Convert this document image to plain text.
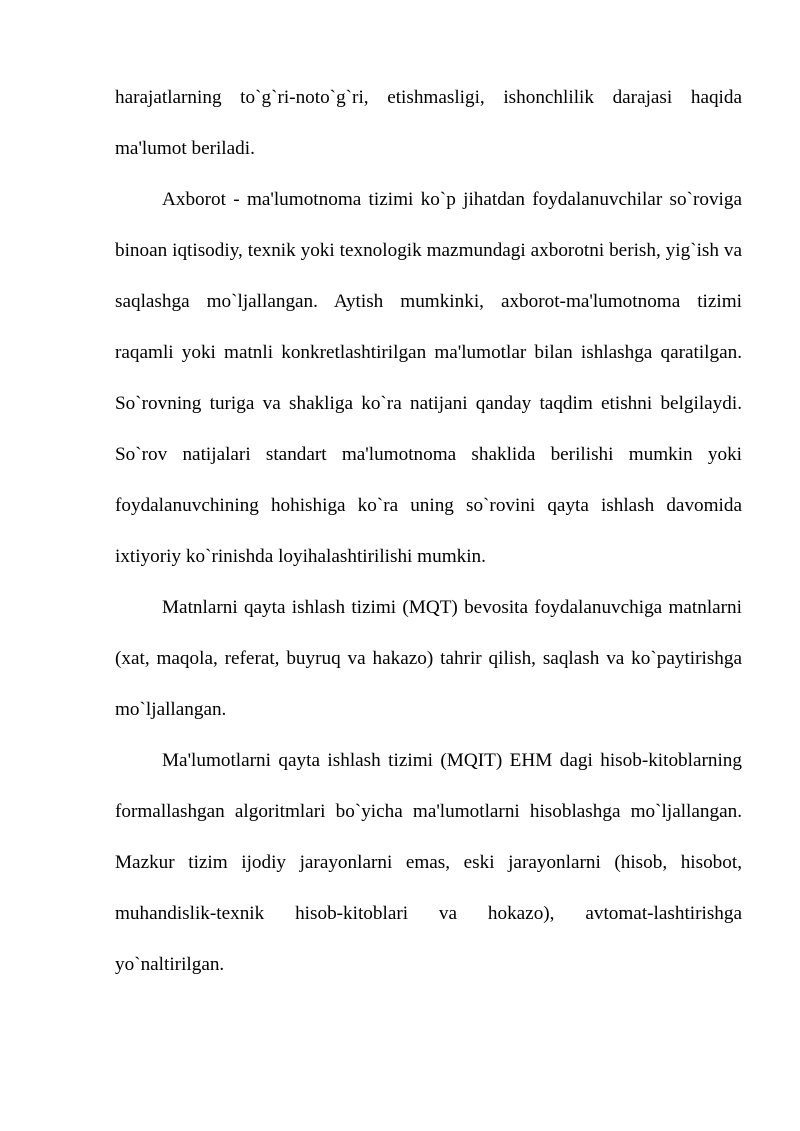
harajatlarning to`g`ri-noto`g`ri, etishmasligi, ishonchlilik darajasi haqida ma'lumot beriladi.

Axborot - ma'lumotnoma tizimi ko`p jihatdan foydalanuvchilar so`roviga binoan iqtisodiy, texnik yoki texnologik mazmundagi axborotni berish, yig`ish va saqlashga mo`ljallangan. Aytish mumkinki, axborot-ma'lumotnoma tizimi raqamli yoki matnli konkretlashtirilgan ma'lumotlar bilan ishlashga qaratilgan. So`rovning turiga va shakliga ko`ra natijani qanday taqdim etishni belgilaydi. So`rov natijalari standart ma'lumotnoma shaklida berilishi mumkin yoki foydalanuvchining hohishiga ko`ra uning so`rovini qayta ishlash davomida ixtiyoriy ko`rinishda loyihalashtirilishi mumkin.

Matnlarni qayta ishlash tizimi (MQT) bevosita foydalanuvchiga matnlarni (xat, maqola, referat, buyruq va hakazo) tahrir qilish, saqlash va ko`paytirishga mo`ljallangan.

Ma'lumotlarni qayta ishlash tizimi (MQIT) EHM dagi hisob-kitoblarning formallashgan algoritmlari bo`yicha ma'lumotlarni hisoblashga mo`ljallangan. Mazkur tizim ijodiy jarayonlarni emas, eski jarayonlarni (hisob, hisobot, muhandislik-texnik hisob-kitoblari va hokazo), avtomat-lashtirishga yo`naltirilgan.
